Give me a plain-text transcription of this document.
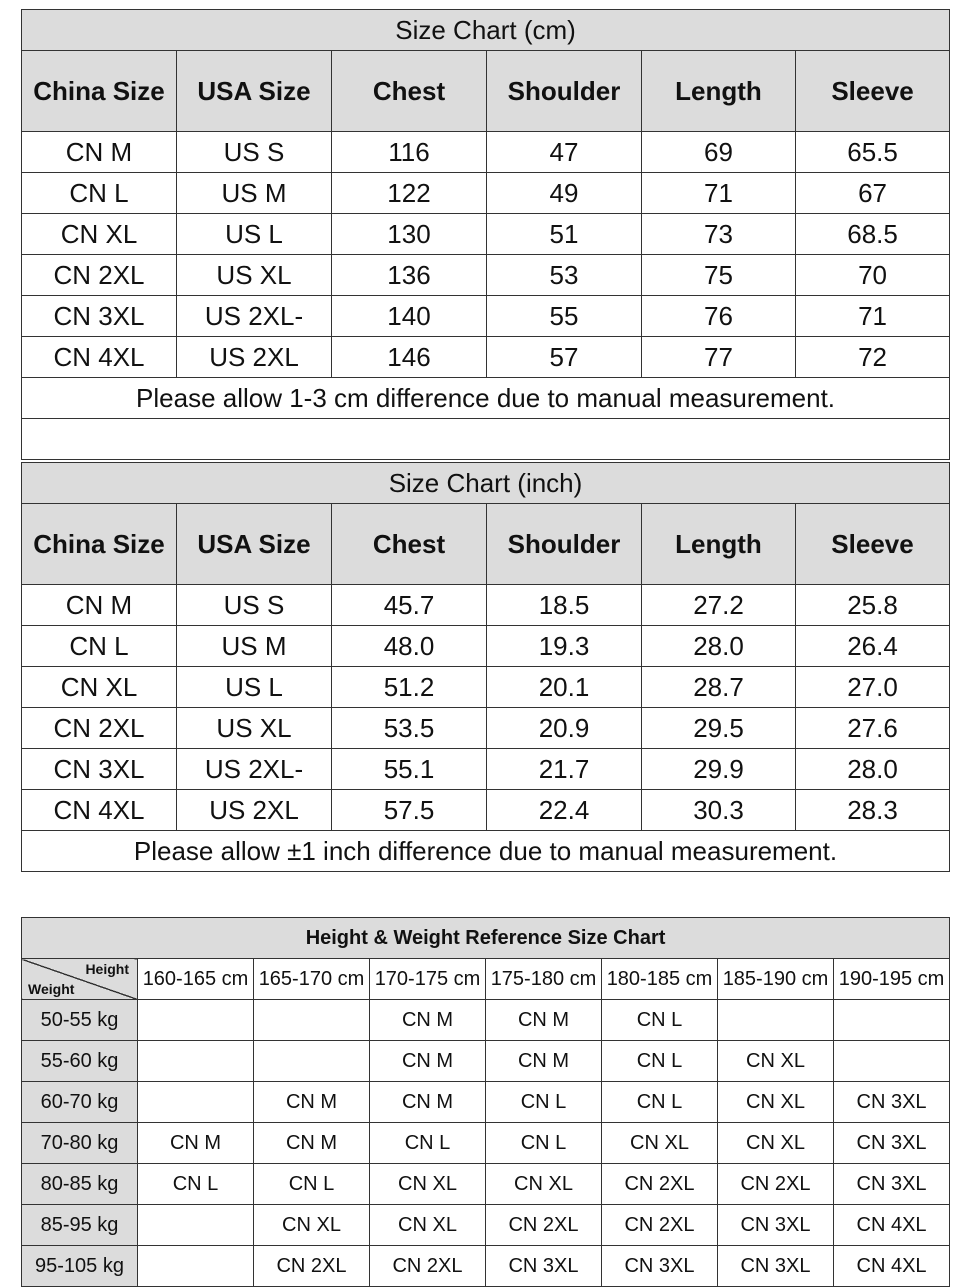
Size Chart (cm)					
China Size	USA Size	Chest	Shoulder	Length	Sleeve
CN M	US S	116	47	69	65.5
CN L	US M	122	49	71	67
CN XL	US L	130	51	73	68.5
CN 2XL	US XL	136	53	75	70
CN 3XL	US 2XL-	140	55	76	71
CN 4XL	US 2XL	146	57	77	72
Please allow 1-3 cm difference due to manual measurement.					

Size Chart (inch)					
China Size	USA Size	Chest	Shoulder	Length	Sleeve
CN M	US S	45.7	18.5	27.2	25.8
CN L	US M	48.0	19.3	28.0	26.4
CN XL	US L	51.2	20.1	28.7	27.0
CN 2XL	US XL	53.5	20.9	29.5	27.6
CN 3XL	US 2XL-	55.1	21.7	29.9	28.0
CN 4XL	US 2XL	57.5	22.4	30.3	28.3
Please allow ±1 inch difference due to manual measurement.					
Height & Weight Reference Size Chart							

Height
Weight	160-165 cm	165-170 cm	170-175 cm	175-180 cm	180-185 cm	185-190 cm	190-195 cm
50-55 kg			CN M	CN M	CN L		
55-60 kg			CN M	CN M	CN L	CN XL	
60-70 kg		CN M	CN M	CN L	CN L	CN XL	CN 3XL
70-80 kg	CN M	CN M	CN L	CN L	CN XL	CN XL	CN 3XL
80-85 kg	CN L	CN L	CN XL	CN XL	CN 2XL	CN 2XL	CN 3XL
85-95 kg		CN XL	CN XL	CN 2XL	CN 2XL	CN 3XL	CN 4XL
95-105 kg		CN 2XL	CN 2XL	CN 3XL	CN 3XL	CN 3XL	CN 4XL
